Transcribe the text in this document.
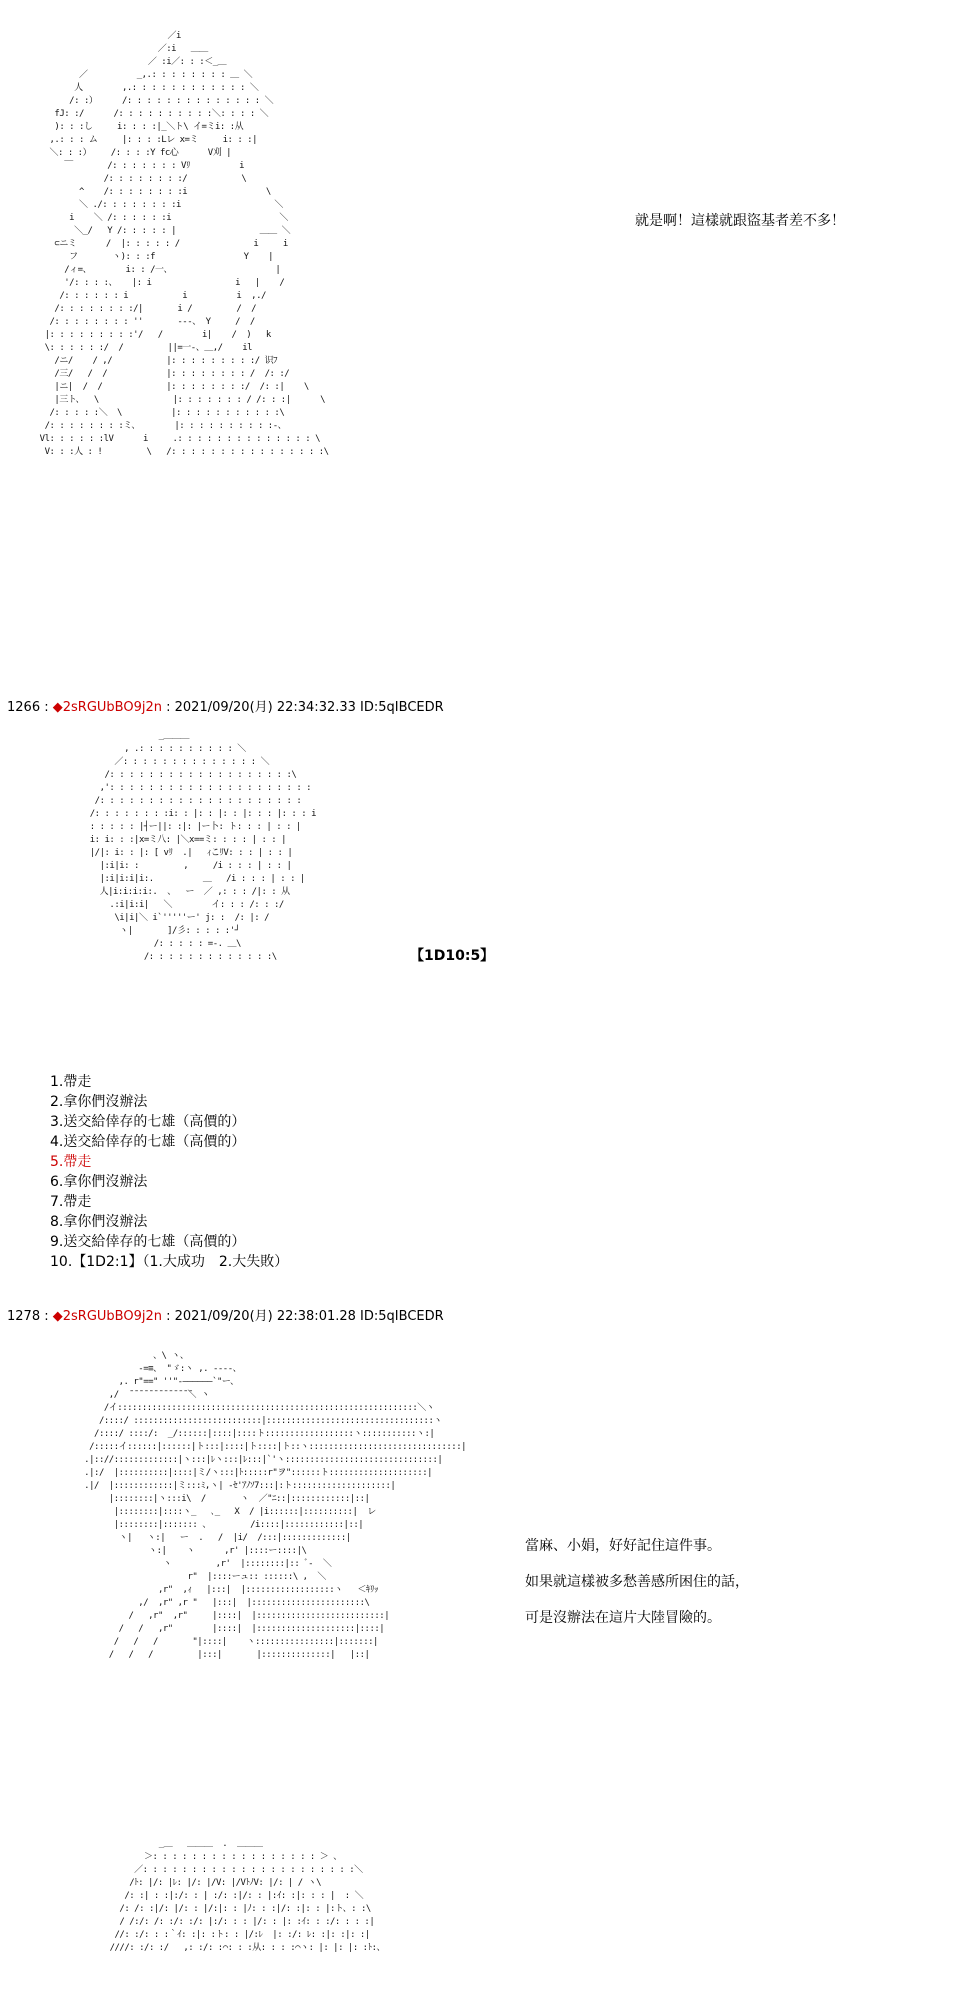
／i
／:i   ＿＿
／ :i／: : :＜_＿
／          _,.: : : : : : : : ＿ ＼
人        ,.: : : : : : : : : : : : ＼
/: :）     /: : : : : : : : : : : : : : ＼
fJ: :/      /: : : : : : : : : :＼: : : : ＼
): : :し     i: : : :|_＼ト\ イ=ミi: :从
,.: : : ム     |: : : :Lレ x=ミ     i: : :|
＼: : :）    /: : : :Y fc心      V刈 |
￣       /: : : : : : : Vﾘ          i
/: : : : : : : :/           \
^    /: : : : : : : :i                \
＼ ./: : : : : : : :i                   ＼
i    ＼ /: : : : : :i                      ＼
＼_/   Y /: : : : : |                 ＿＿ ＼
⊂ニミ      /  |: : : : : /               i     i
フ       ヽ): : :f                  Y    |
/ィ=、       i: : /一、                     |
'/: : : :、   |: i                 i   |    /
/: : : : : : i           i          i  ,./
/: : : : : : : :/|       i /         /  /
/: : : : : : : : ''       ---、 Y     /  /
|: : : : : : : : :'/   /        i|    /  )   k
\: : : : : :/  /         ||=一-、＿,/    il
/ニ/    / ,/           |: : : : : : : : :/ 识ﾌ
/三/   /  /            |: : : : : : : : /  /: :/
|ニ|  /  /             |: : : : : : : :/  /: :|    \
|三ト、  \               |: : : : : : : / /: : :|      \
/: : : : :＼  \          |: : : : : : : : : : :\
/: : : : : : : :ミ、       |: : : : : : : : : :-、
Vl: : : : : :lV      i     .: : : : : : : : : : : : : : \
V: : :人 : !         \   /: : : : : : : : : : : : : : : :\
就是啊！這樣就跟盜基者差不多！
1266 : ◆2sRGUbBO9j2n : 2021/09/20(月) 22:34:32.33 ID:5qIBCEDR
_＿＿＿
, .: : : : : : : : : : ＼
／: : : : : : : : : : : : : : ＼
/: : : : : : : : : : : : : : : : : : :\
,': : : : : : : : : : : : : : : : : : : : :
/: : : : : : : : : : : : : : : : : : : : :
/: : : : : : : :i: : |: : |: : |: : : |: : : i
: : : : : |┤ー||: :|: |ー卜: ト: : : | : : |
i: i: : :|x=ミ八: |＼x==ミ: : : : | : : |
|/|: i: : |: [ vﾘ  .|   ｨこﾘV: : : | : : |
|:i|i: :         ,     /i : : : | : : |
|:i|i:i|i:.          ＿   /i : : : | : : |
人|i:i:i:i:.  、  ー  ／ ,: : : /|: : 从
.:i|i:i|   ＼        イ: : : /: : :/
\i|i|＼ i`'''''ー' j: :  /: |: /
ヽ|       ]/彡: : : : :'┘
/: : : : : =-. ＿\
/: : : : : : : : : : : : :\	【1D10:5】
1.帶走
2.拿你們沒辦法
3.送交給倖存的七雄（高價的）
4.送交給倖存的七雄（高價的）
5.帶走
6.拿你們沒辦法
7.帶走
8.拿你們沒辦法
9.送交給倖存的七雄（高價的）
10.【1D2:1】（1.大成功　2.大失敗）
1278 : ◆2sRGUbBO9j2n : 2021/09/20(月) 22:38:01.28 ID:5qIBCEDR
、\ ヽ、
-=≡、 "ゞ:ヽ ,. -‐--、
,. r"==" ''"-――――――`"ー、
,/  ̄ ̄ ̄ ̄ ̄ ̄ ̄ ̄ ̄ ̄ ̄ ̄ ̄＼ ヽ
/イ:::::::::::::::::::::::::::::::::::::::::::::::::::::::::::::＼ヽ
/::::/ ::::::::::::::::::::::::::|::::::::::::::::::::::::::::::::::ヽ
/::::/ ::::/:  _/::::::|::::|::::ト::::::::::::::::::ヽ:::::::::::ヽ:|
/:::::イ::::::|::::::|ト:::|::::|ト::::|ト::ヽ:::::::::::::::::::::::::::::::|
.|:://:::::::::::::|ヽ:::|ﾚヽ:::|ﾚ:::|`'ヽ:::::::::::::::::::::::::::::::|
.|:/  |::::::::::|::::|ミ/ヽ:::|ﾄ:::::r"ヲ"::::::ト::::::::::::::::::::|
.|/  |::::::::::::|ミ:::ﾐ,ヽ| -ｾ'ｱﾉｿ7:::|:ト::::::::::::::::::::|
|::::::::|ヽ:::i\  /       ヽ  ／"ﾆ::|::::::::::::|::|
|::::::::|::::ヽ_   ､_   X  / |i::::::|::::::::::|  レ
|::::::::|::::::: 、        /i::::|::::::::::::|::|
ヽ|   ヽ:|   ー  .   /  |i/  /:::|:::::::::::::|
ヽ:|    ヽ      ,r' |::::ー::::|\
ヽ         ,r'  |::::::::|:: ﾞ-  ＼
r"  |::::ーュ:: ::::::\ ,  ＼
,r"  ,ｨ   |:::|  |::::::::::::::::::ヽ   ＜ｷﾘｯ
,/  ,r" ,r "   |:::|  |:::::::::::::::::::::::\
/   ,r"  ,r"     |::::|  |::::::::::::::::::::::::::|
/   /   ,r"        |::::|  |::::::::::::::::::::|::::|
/   /   /       "|::::|    ヽ::::::::::::::::|:::::::|
/   /   /         |:::|       |::::::::::::::|   |::|
當麻、小娟，好好記住這件事。
如果就這樣被多愁善感所困住的話，
可是沒辦法在這片大陸冒險的。
_＿   ＿＿＿  .  ＿＿＿
＞: : : : : : : : : : : : : : : : : ＞ 、
／: : : : : : : : : : : : : : : : : : : : : :＼
/ﾄ: |/: |ﾚ: |/: |/V: |/VﾄﾉV: |/: | / ヽ\
/: :| : :|:/: : | :/: :|/: : |:ｲ: :|: : : |  : ＼
/: /: :|/: |/: : |/:|: : |ﾉ: : :|/: :|: : |:ト、: :\
/ /:/: /: :/: :/: |:/: : : |/: : |: :ｲ: : :/: : : :|
//: :/: : :｀ｲ: :|: :ト: : |/:ﾚ  |: :/: ﾚ: :|: :|: :|
////: :/: :/   ,: :/: :⌒: : :从: : : :⌒ヽ: |: |: |: :ﾄ:、
